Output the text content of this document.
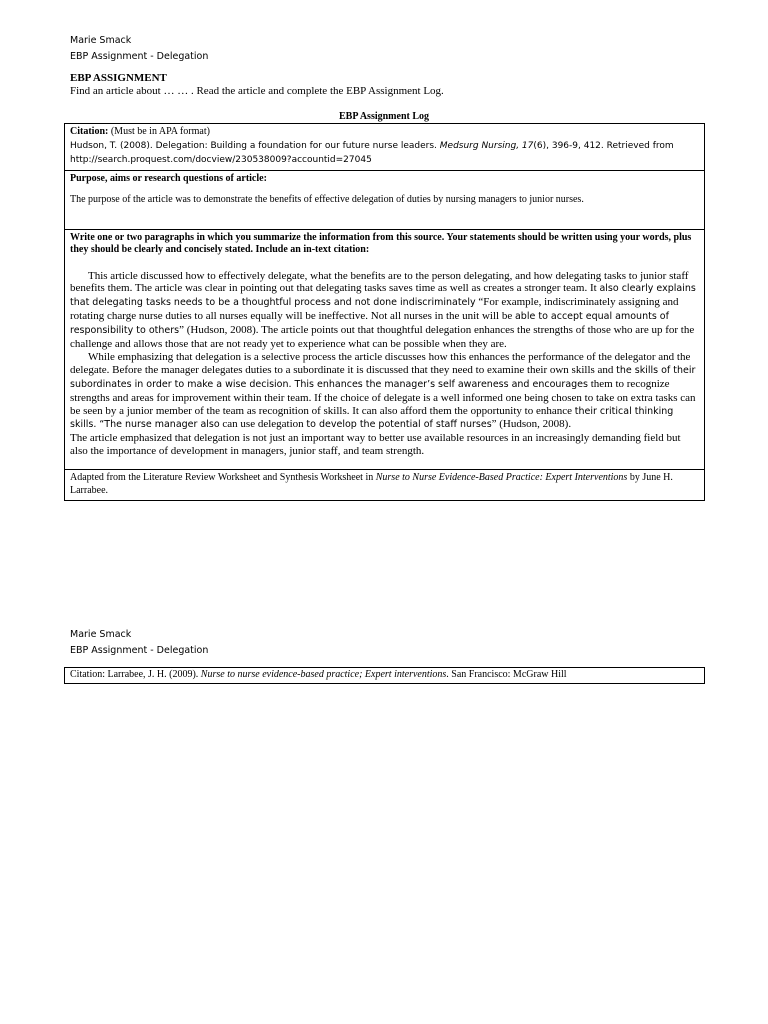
Marie Smack
EBP Assignment - Delegation
EBP ASSIGNMENT
Find an article about … … . Read the article and complete the EBP Assignment Log.
EBP Assignment Log
Citation: (Must be in APA format)
Hudson, T. (2008). Delegation: Building a foundation for our future nurse leaders. Medsurg Nursing, 17(6), 396-9, 412. Retrieved from
http://search.proquest.com/docview/230538009?accountid=27045

Purpose, aims or research questions of article:
The purpose of the article was to demonstrate the benefits of effective delegation of duties by nursing managers to junior nurses.

Write one or two paragraphs in which you summarize the information from this source. Your statements should be written using your words, plus they should be clearly and concisely stated. Include an in-text citation:

This article discussed how to effectively delegate, what the benefits are to the person delegating, and how delegating tasks to junior staff benefits them. The article was clear in pointing out that delegating tasks saves time as well as creates a stronger team. It also clearly explains that delegating tasks needs to be a thoughtful process and not done indiscriminately “For example, indiscriminately assigning and rotating charge nurse duties to all nurses equally will be ineffective. Not all nurses in the unit will be able to accept equal amounts of responsibility to others” (Hudson, 2008). The article points out that thoughtful delegation enhances the strengths of those who are up for the challenge and allows those that are not ready yet to experience what can be possible when they are.

While emphasizing that delegation is a selective process the article discusses how this enhances the performance of the delegator and the delegate. Before the manager delegates duties to a subordinate it is discussed that they need to examine their own skills and the skills of their subordinates in order to make a wise decision. This enhances the manager’s self awareness and encourages them to recognize strengths and areas for improvement within their team. If the choice of delegate is a well informed one being chosen to take on extra tasks can be seen by a junior member of the team as recognition of skills. It can also afford them the opportunity to enhance their critical thinking skills. “The nurse manager also can use delegation to develop the potential of staff nurses” (Hudson, 2008).

The article emphasized that delegation is not just an important way to better use available resources in an increasingly demanding field but also the importance of development in managers, junior staff, and team strength.

Adapted from the Literature Review Worksheet and Synthesis Worksheet in Nurse to Nurse Evidence-Based Practice: Expert Interventions by June H. Larrabee.
Marie Smack
EBP Assignment - Delegation
Citation: Larrabee, J. H. (2009). Nurse to nurse evidence-based practice; Expert interventions. San Francisco: McGraw Hill
